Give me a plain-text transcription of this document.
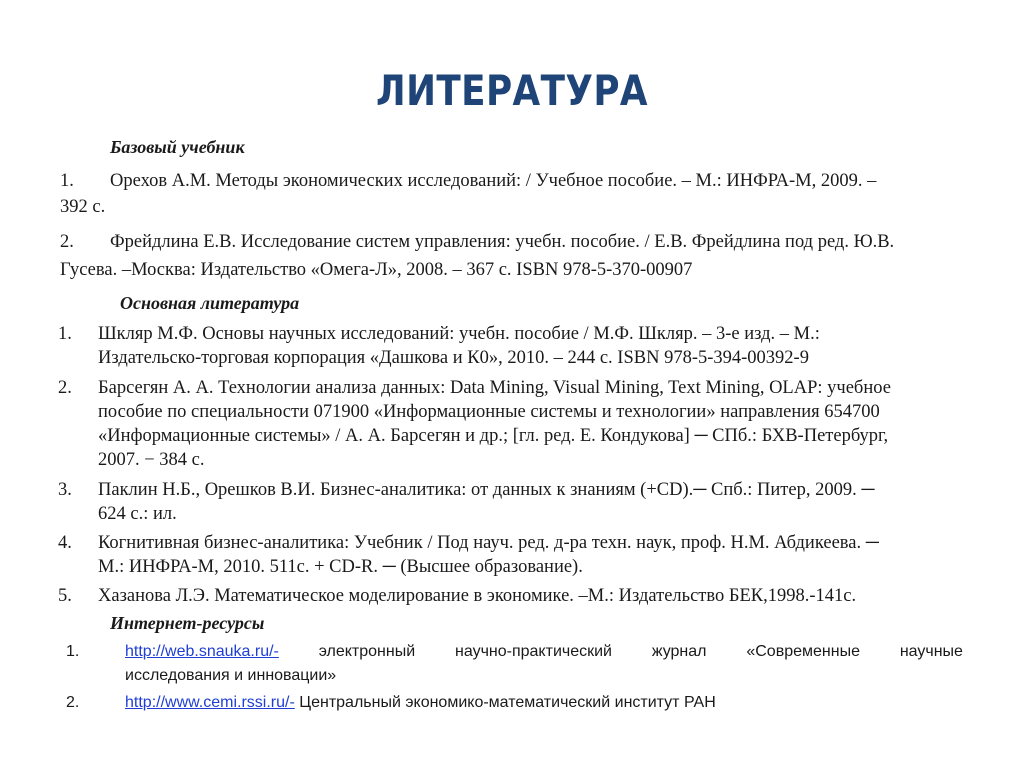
ЛИТЕРАТУРА
Базовый учебник
1. Орехов А.М. Методы экономических исследований: / Учебное пособие. – М.: ИНФРА-М, 2009. –
392 с.
2. Фрейдлина Е.В. Исследование систем управления: учебн. пособие. / Е.В. Фрейдлина под ред. Ю.В.
Гусева. –Москва: Издательство «Омега-Л», 2008. – 367 с. ISBN 978-5-370-00907
Основная литература
1. Шкляр М.Ф. Основы научных исследований: учебн. пособие / М.Ф. Шкляр. – 3-е изд. – М.:
Издательско-торговая корпорация «Дашкова и К0», 2010. – 244 с. ISBN 978-5-394-00392-9
2. Барсегян А. А. Технологии анализа данных: Data Mining, Visual Mining, Text Mining, OLAP: учебное
пособие по специальности 071900 «Информационные системы и технологии» направления 654700
«Информационные системы» / А. А. Барсегян и др.; [гл. ред. Е. Кондукова] ─ СПб.: БХВ-Петербург,
2007. − 384 с.
3. Паклин Н.Б., Орешков В.И. Бизнес-аналитика: от данных к знаниям (+CD).─ Спб.: Питер, 2009. ─
624 с.: ил.
4. Когнитивная бизнес-аналитика: Учебник / Под науч. ред. д-ра техн. наук, проф. Н.М. Абдикеева. ─
М.: ИНФРА-М, 2010. 511с. + CD-R. ─ (Высшее образование).
5. Хазанова Л.Э. Математическое моделирование в экономике. –М.: Издательство БЕК,1998.-141с.
Интернет-ресурсы
1.	http://web.snauka.ru/- электронный научно-практический журнал «Современные научные
исследования и инновации»
2.	http://www.cemi.rssi.ru/- Центральный экономико-математический институт РАН
